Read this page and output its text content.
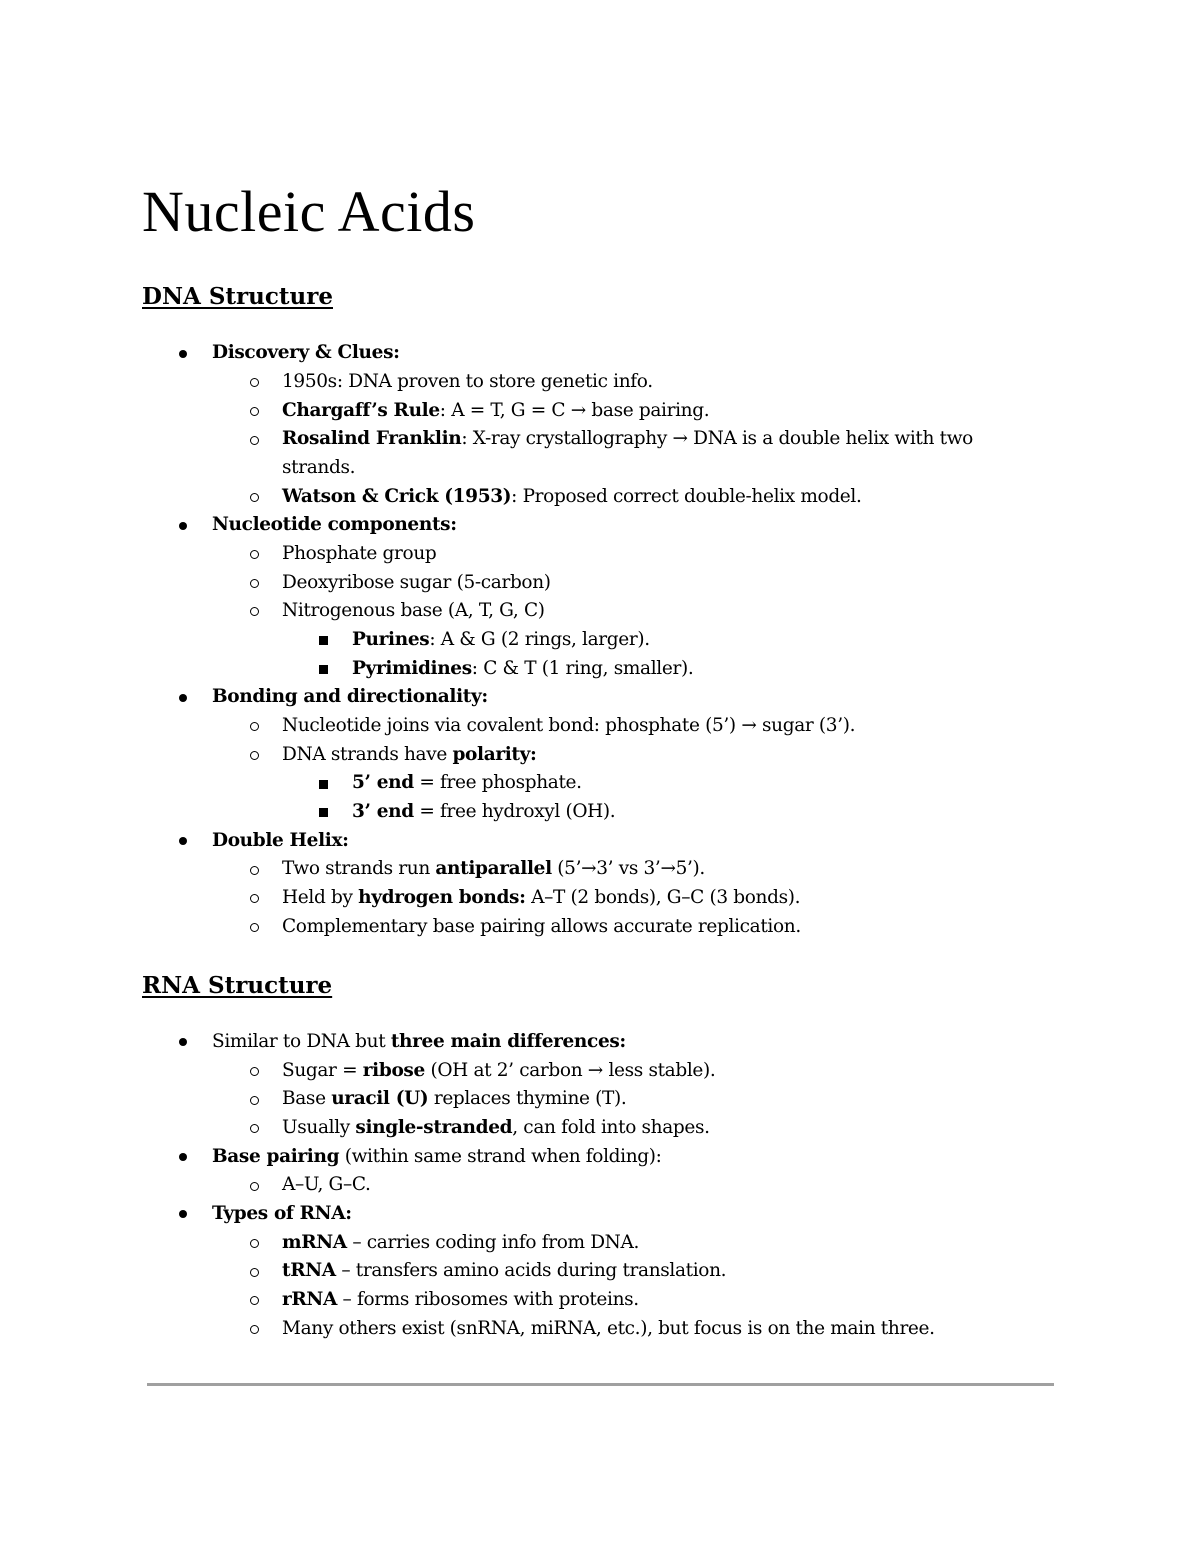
Nucleic Acids
DNA Structure
Discovery & Clues:
1950s: DNA proven to store genetic info.
Chargaff’s Rule: A = T, G = C → base pairing.
Rosalind Franklin: X-ray crystallography → DNA is a double helix with two
strands.
Watson & Crick (1953): Proposed correct double-helix model.
Nucleotide components:
Phosphate group
Deoxyribose sugar (5-carbon)
Nitrogenous base (A, T, G, C)
Purines: A & G (2 rings, larger).
Pyrimidines: C & T (1 ring, smaller).
Bonding and directionality:
Nucleotide joins via covalent bond: phosphate (5’) → sugar (3’).
DNA strands have polarity:
5’ end = free phosphate.
3’ end = free hydroxyl (OH).
Double Helix:
Two strands run antiparallel (5’→3’ vs 3’→5’).
Held by hydrogen bonds: A–T (2 bonds), G–C (3 bonds).
Complementary base pairing allows accurate replication.
RNA Structure
Similar to DNA but three main differences:
Sugar = ribose (OH at 2’ carbon → less stable).
Base uracil (U) replaces thymine (T).
Usually single-stranded, can fold into shapes.
Base pairing (within same strand when folding):
A–U, G–C.
Types of RNA:
mRNA – carries coding info from DNA.
tRNA – transfers amino acids during translation.
rRNA – forms ribosomes with proteins.
Many others exist (snRNA, miRNA, etc.), but focus is on the main three.
